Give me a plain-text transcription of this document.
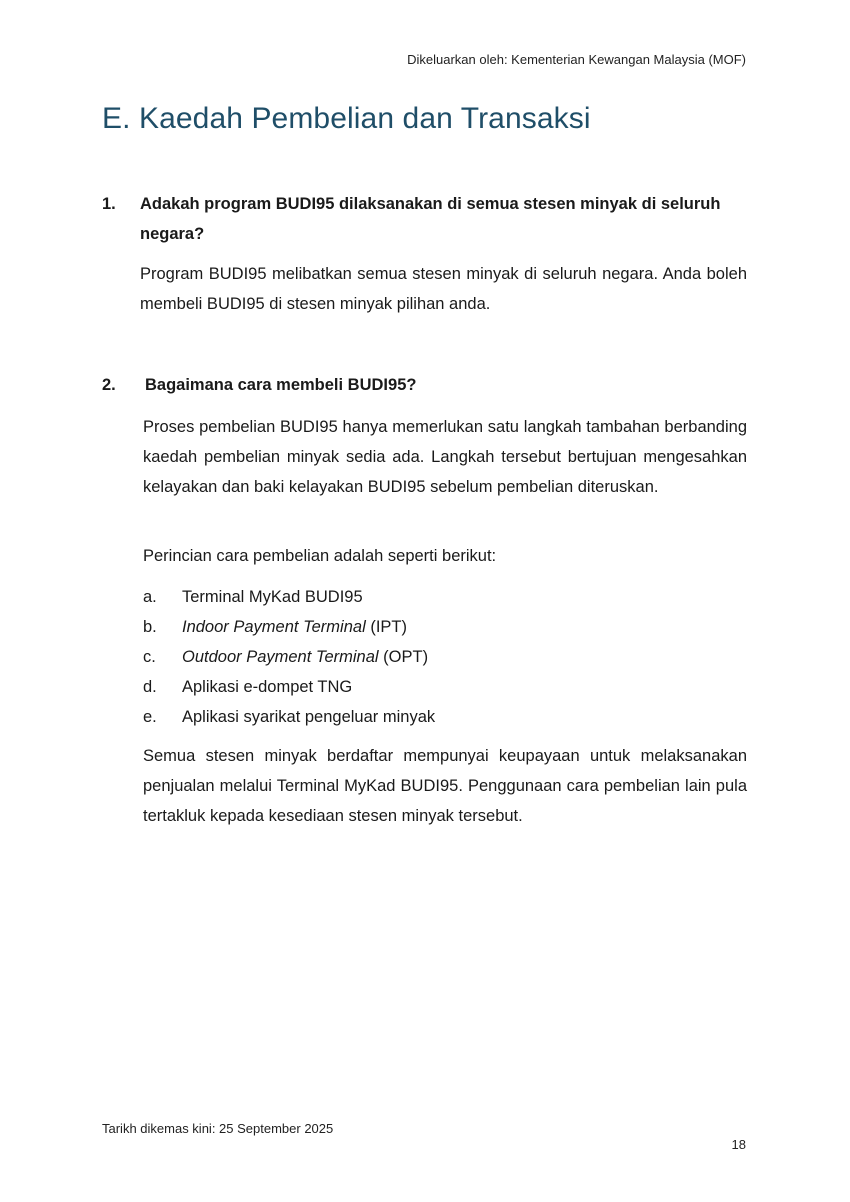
Dikeluarkan oleh: Kementerian Kewangan Malaysia (MOF)
E. Kaedah Pembelian dan Transaksi
1.	Adakah program BUDI95 dilaksanakan di semua stesen minyak di seluruh negara?

Program BUDI95 melibatkan semua stesen minyak di seluruh negara. Anda boleh membeli BUDI95 di stesen minyak pilihan anda.

2.	Bagaimana cara membeli BUDI95?

Proses pembelian BUDI95 hanya memerlukan satu langkah tambahan berbanding kaedah pembelian minyak sedia ada. Langkah tersebut bertujuan mengesahkan kelayakan dan baki kelayakan BUDI95 sebelum pembelian diteruskan.

Perincian cara pembelian adalah seperti berikut:

a. Terminal MyKad BUDI95
b. Indoor Payment Terminal (IPT)
c. Outdoor Payment Terminal (OPT)
d. Aplikasi e-dompet TNG
e. Aplikasi syarikat pengeluar minyak

Semua stesen minyak berdaftar mempunyai keupayaan untuk melaksanakan penjualan melalui Terminal MyKad BUDI95. Penggunaan cara pembelian lain pula tertakluk kepada kesediaan stesen minyak tersebut.

Tarikh dikemas kini: 25 September 2025
18
